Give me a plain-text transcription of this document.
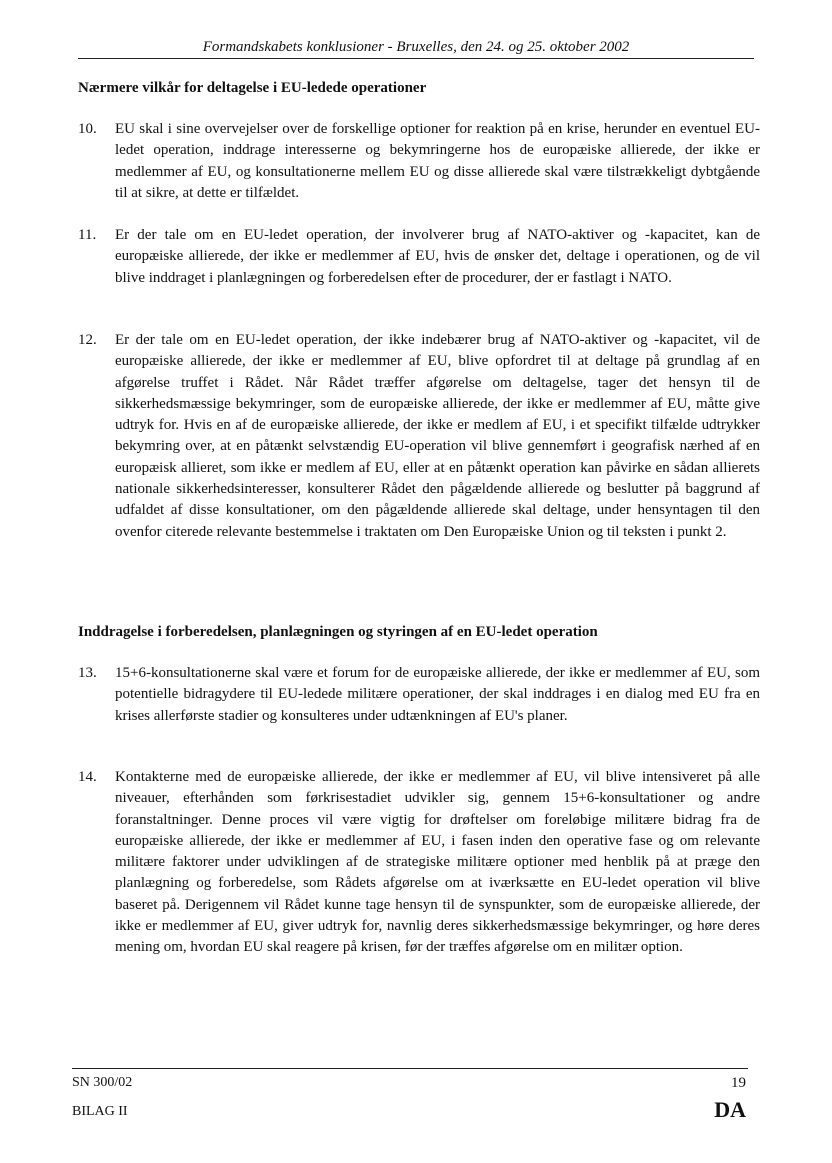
Formandskabets konklusioner - Bruxelles, den 24. og 25. oktober 2002
Nærmere vilkår for deltagelse i EU-ledede operationer
10.	EU skal i sine overvejelser over de forskellige optioner for reaktion på en krise, herunder en eventuel EU-ledet operation, inddrage interesserne og bekymringerne hos de europæiske allierede, der ikke er medlemmer af EU, og konsultationerne mellem EU og disse allierede skal være tilstrækkeligt dybtgående til at sikre, at dette er tilfældet.
11.	Er der tale om en EU-ledet operation, der involverer brug af NATO-aktiver og -kapacitet, kan de europæiske allierede, der ikke er medlemmer af EU, hvis de ønsker det, deltage i operationen, og de vil blive inddraget i planlægningen og forberedelsen efter de procedurer, der er fastlagt i NATO.
12.	Er der tale om en EU-ledet operation, der ikke indebærer brug af NATO-aktiver og -kapacitet, vil de europæiske allierede, der ikke er medlemmer af EU, blive opfordret til at deltage på grundlag af en afgørelse truffet i Rådet. Når Rådet træffer afgørelse om deltagelse, tager det hensyn til de sikkerhedsmæssige bekymringer, som de europæiske allierede, der ikke er medlemmer af EU, måtte give udtryk for. Hvis en af de europæiske allierede, der ikke er medlem af EU, i et specifikt tilfælde udtrykker bekymring over, at en påtænkt selvstændig EU-operation vil blive gennemført i geografisk nærhed af en europæisk allieret, som ikke er medlem af EU, eller at en påtænkt operation kan påvirke en sådan allierets nationale sikkerhedsinteresser, konsulterer Rådet den pågældende allierede og beslutter på baggrund af udfaldet af disse konsultationer, om den pågældende allierede skal deltage, under hensyntagen til den ovenfor citerede relevante bestemmelse i traktaten om Den Europæiske Union og til teksten i punkt 2.
Inddragelse i forberedelsen, planlægningen og styringen af en EU-ledet operation
13.	15+6-konsultationerne skal være et forum for de europæiske allierede, der ikke er medlemmer af EU, som potentielle bidragydere til EU-ledede militære operationer, der skal inddrages i en dialog med EU fra en krises allerførste stadier og konsulteres under udtænkningen af EU's planer.
14.	Kontakterne med de europæiske allierede, der ikke er medlemmer af EU, vil blive intensiveret på alle niveauer, efterhånden som førkrisestadiet udvikler sig, gennem 15+6-konsultationer og andre foranstaltninger. Denne proces vil være vigtig for drøftelser om foreløbige militære bidrag fra de europæiske allierede, der ikke er medlemmer af EU, i fasen inden den operative fase og om relevante militære faktorer under udviklingen af de strategiske militære optioner med henblik på at præge den planlægning og forberedelse, som Rådets afgørelse om at iværksætte en EU-ledet operation vil blive baseret på. Derigennem vil Rådet kunne tage hensyn til de synspunkter, som de europæiske allierede, der ikke er medlemmer af EU, giver udtryk for, navnlig deres sikkerhedsmæssige bekymringer, og høre deres mening om, hvordan EU skal reagere på krisen, før der træffes afgørelse om en militær option.
SN 300/02
BILAG II
19
DA
